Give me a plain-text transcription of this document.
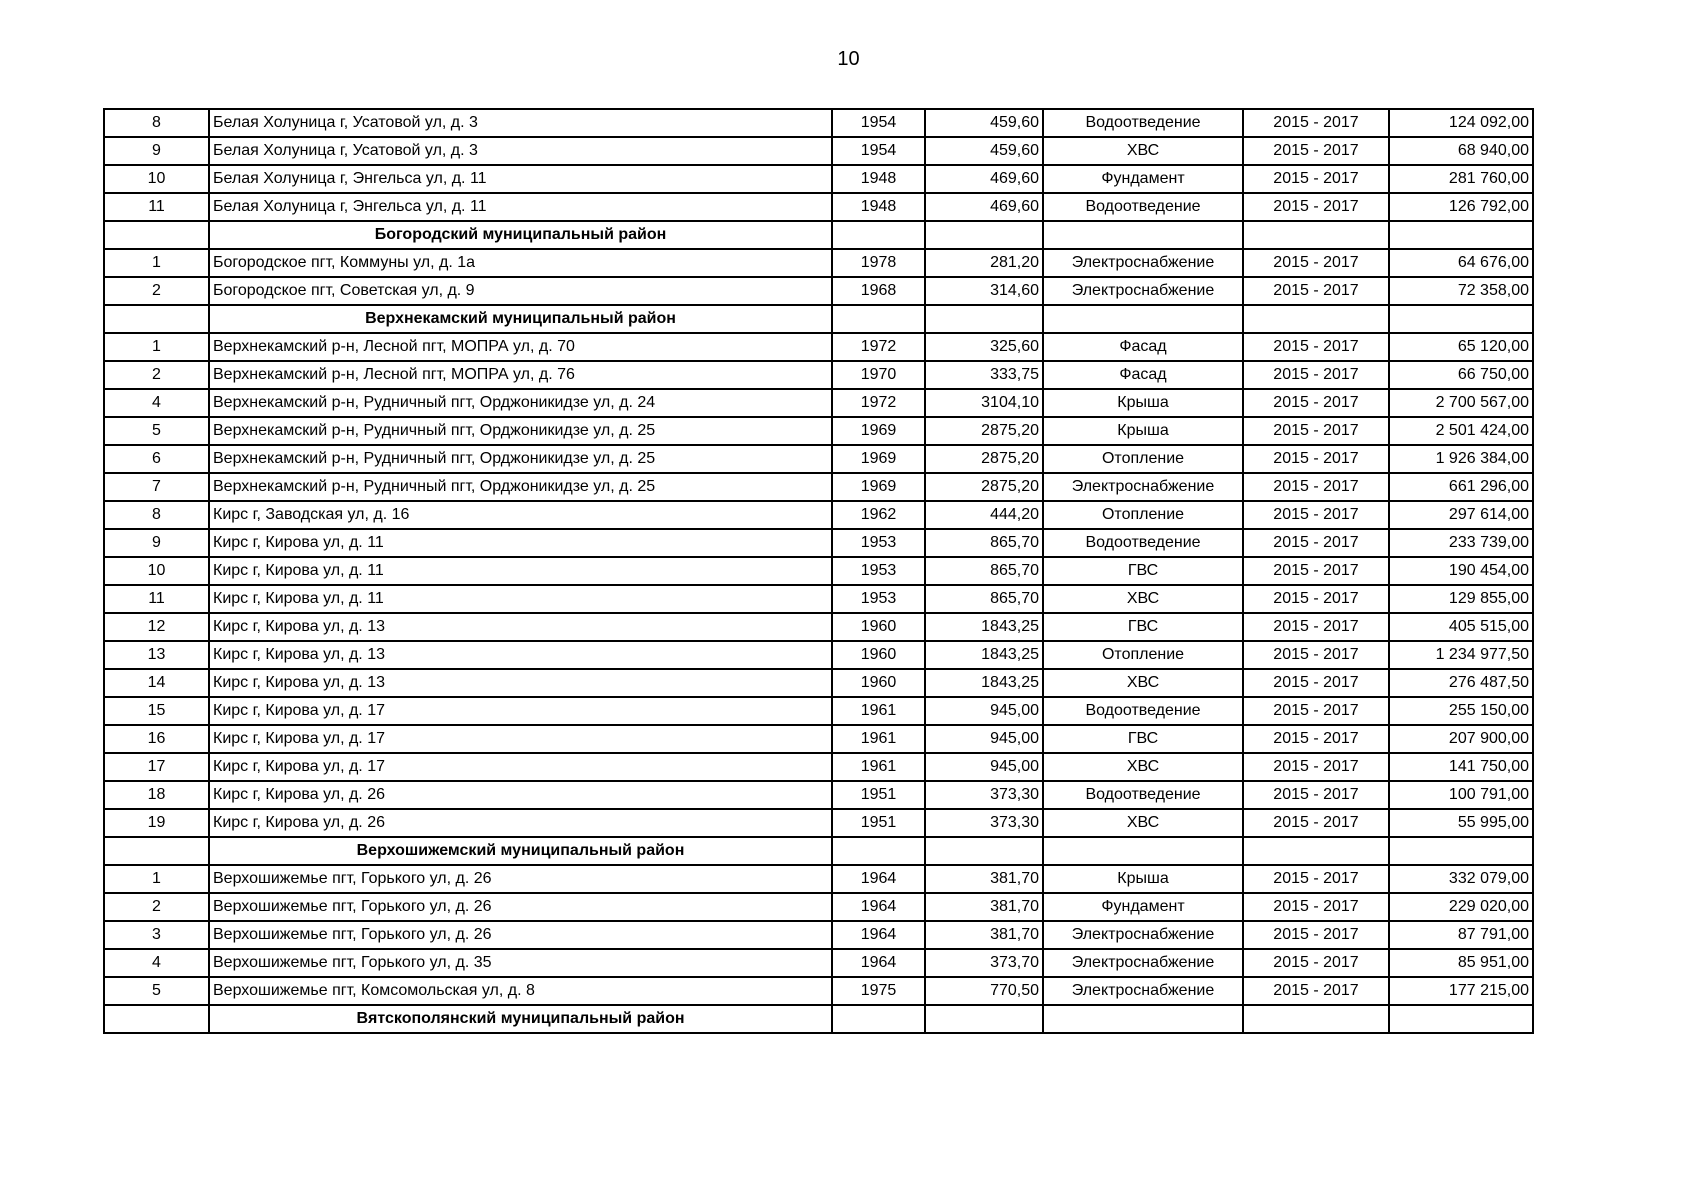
10
8	Белая Холуница г, Усатовой ул, д. 3	1954	459,60	Водоотведение	2015 - 2017	124 092,00
9	Белая Холуница г, Усатовой ул, д. 3	1954	459,60	ХВС	2015 - 2017	68 940,00
10	Белая Холуница г, Энгельса ул, д. 11	1948	469,60	Фундамент	2015 - 2017	281 760,00
11	Белая Холуница г, Энгельса ул, д. 11	1948	469,60	Водоотведение	2015 - 2017	126 792,00
	Богородский муниципальный район					
1	Богородское пгт, Коммуны ул, д. 1а	1978	281,20	Электроснабжение	2015 - 2017	64 676,00
2	Богородское пгт, Советская ул, д. 9	1968	314,60	Электроснабжение	2015 - 2017	72 358,00
	Верхнекамский муниципальный район					
1	Верхнекамский р-н, Лесной пгт, МОПРА ул, д. 70	1972	325,60	Фасад	2015 - 2017	65 120,00
2	Верхнекамский р-н, Лесной пгт, МОПРА ул, д. 76	1970	333,75	Фасад	2015 - 2017	66 750,00
4	Верхнекамский р-н, Рудничный пгт, Орджоникидзе ул, д. 24	1972	3104,10	Крыша	2015 - 2017	2 700 567,00
5	Верхнекамский р-н, Рудничный пгт, Орджоникидзе ул, д. 25	1969	2875,20	Крыша	2015 - 2017	2 501 424,00
6	Верхнекамский р-н, Рудничный пгт, Орджоникидзе ул, д. 25	1969	2875,20	Отопление	2015 - 2017	1 926 384,00
7	Верхнекамский р-н, Рудничный пгт, Орджоникидзе ул, д. 25	1969	2875,20	Электроснабжение	2015 - 2017	661 296,00
8	Кирс г, Заводская ул, д. 16	1962	444,20	Отопление	2015 - 2017	297 614,00
9	Кирс г, Кирова ул, д. 11	1953	865,70	Водоотведение	2015 - 2017	233 739,00
10	Кирс г, Кирова ул, д. 11	1953	865,70	ГВС	2015 - 2017	190 454,00
11	Кирс г, Кирова ул, д. 11	1953	865,70	ХВС	2015 - 2017	129 855,00
12	Кирс г, Кирова ул, д. 13	1960	1843,25	ГВС	2015 - 2017	405 515,00
13	Кирс г, Кирова ул, д. 13	1960	1843,25	Отопление	2015 - 2017	1 234 977,50
14	Кирс г, Кирова ул, д. 13	1960	1843,25	ХВС	2015 - 2017	276 487,50
15	Кирс г, Кирова ул, д. 17	1961	945,00	Водоотведение	2015 - 2017	255 150,00
16	Кирс г, Кирова ул, д. 17	1961	945,00	ГВС	2015 - 2017	207 900,00
17	Кирс г, Кирова ул, д. 17	1961	945,00	ХВС	2015 - 2017	141 750,00
18	Кирс г, Кирова ул, д. 26	1951	373,30	Водоотведение	2015 - 2017	100 791,00
19	Кирс г, Кирова ул, д. 26	1951	373,30	ХВС	2015 - 2017	55 995,00
	Верхошижемский муниципальный район					
1	Верхошижемье пгт, Горького ул, д. 26	1964	381,70	Крыша	2015 - 2017	332 079,00
2	Верхошижемье пгт, Горького ул, д. 26	1964	381,70	Фундамент	2015 - 2017	229 020,00
3	Верхошижемье пгт, Горького ул, д. 26	1964	381,70	Электроснабжение	2015 - 2017	87 791,00
4	Верхошижемье пгт, Горького ул, д. 35	1964	373,70	Электроснабжение	2015 - 2017	85 951,00
5	Верхошижемье пгт, Комсомольская ул, д. 8	1975	770,50	Электроснабжение	2015 - 2017	177 215,00
	Вятскополянский муниципальный район					
